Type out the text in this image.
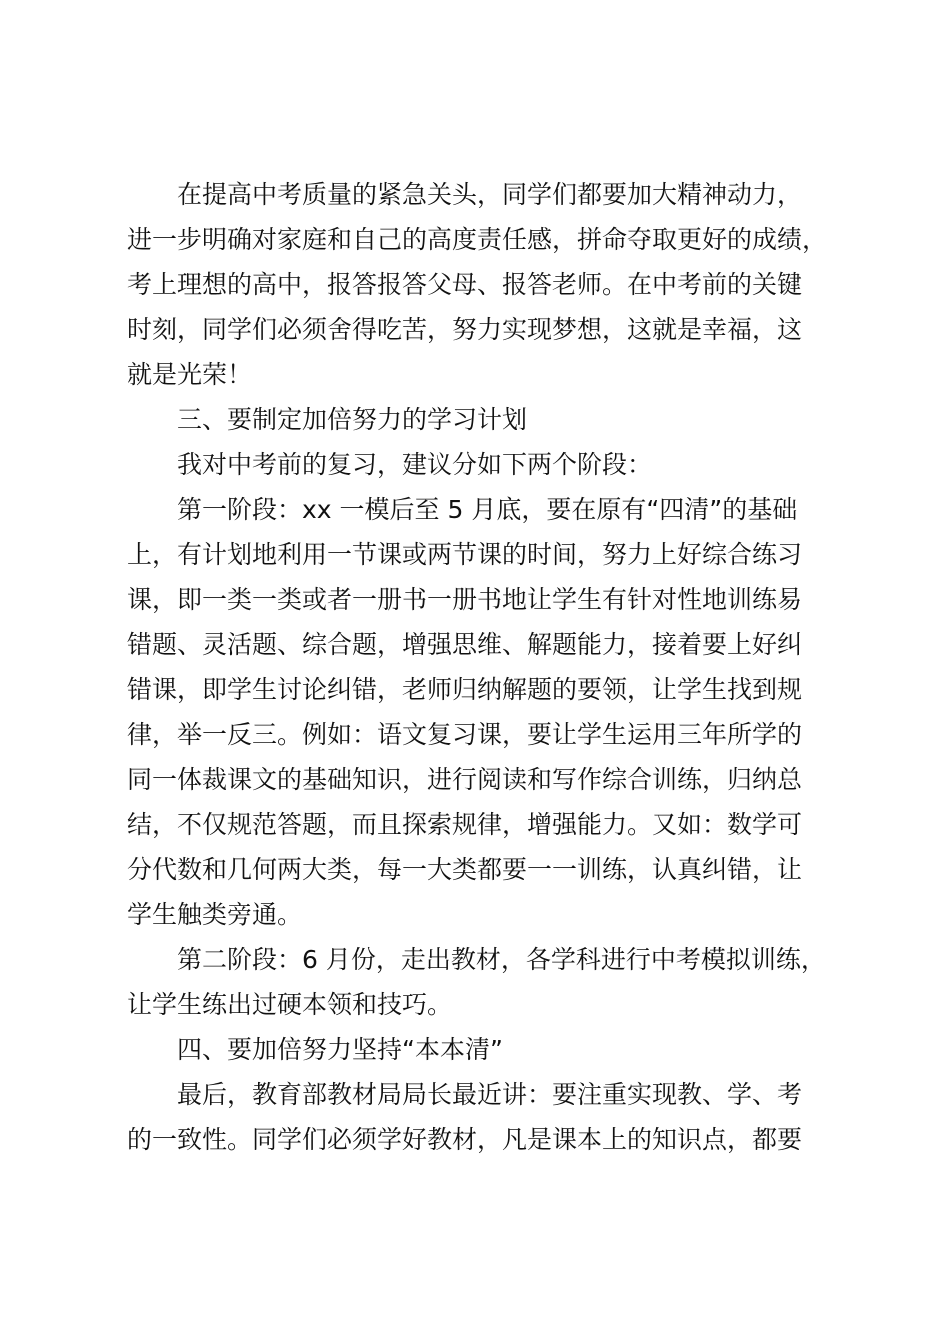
在提高中考质量的紧急关头，同学们都要加大精神动力，

进一步明确对家庭和自己的高度责任感，拼命夺取更好的成绩，

考上理想的高中，报答报答父母、报答老师。在中考前的关键

时刻，同学们必须舍得吃苦，努力实现梦想，这就是幸福，这

就是光荣！

三、要制定加倍努力的学习计划

我对中考前的复习，建议分如下两个阶段：

第一阶段：xx 一模后至 5 月底，要在原有“四清”的基础

上，有计划地利用一节课或两节课的时间，努力上好综合练习

课，即一类一类或者一册书一册书地让学生有针对性地训练易

错题、灵活题、综合题，增强思维、解题能力，接着要上好纠

错课，即学生讨论纠错，老师归纳解题的要领，让学生找到规

律，举一反三。例如：语文复习课，要让学生运用三年所学的

同一体裁课文的基础知识，进行阅读和写作综合训练，归纳总

结，不仅规范答题，而且探索规律，增强能力。又如：数学可

分代数和几何两大类，每一大类都要一一训练，认真纠错，让

学生触类旁通。

第二阶段：6 月份，走出教材，各学科进行中考模拟训练，

让学生练出过硬本领和技巧。

四、要加倍努力坚持“本本清”

最后，教育部教材局局长最近讲：要注重实现教、学、考

的一致性。同学们必须学好教材，凡是课本上的知识点，都要
